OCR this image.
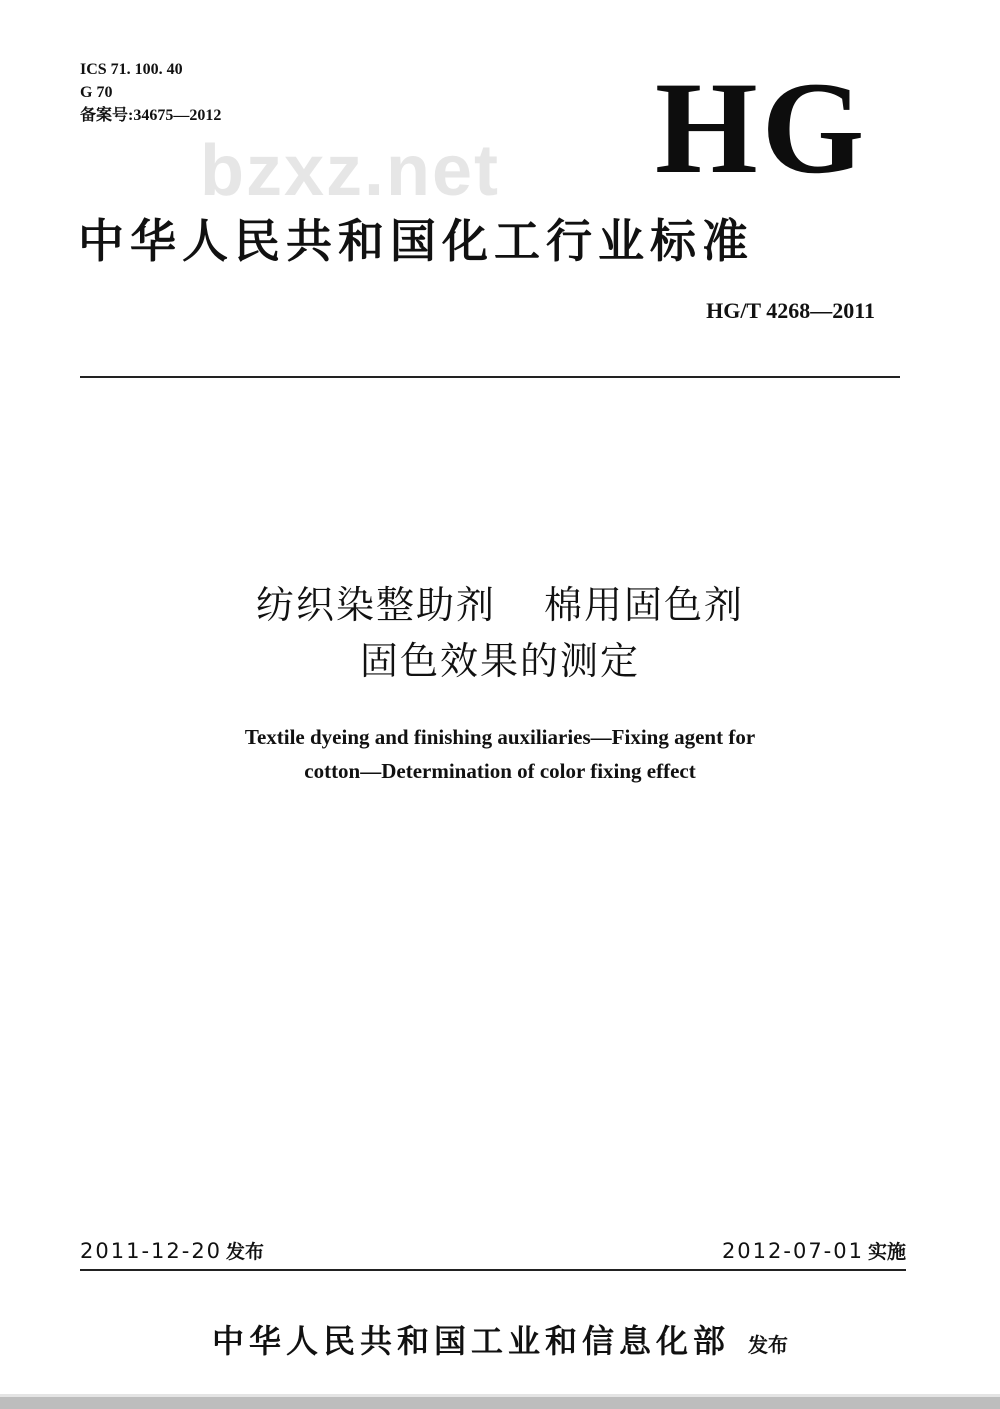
ICS 71. 100. 40
G 70
备案号:34675—2012	HG
bzxz.net
中华人民共和国化工行业标准
HG/T 4268—2011
纺织染整助剂 棉用固色剂
固色效果的测定
Textile dyeing and finishing auxiliaries—Fixing agent for
cotton—Determination of color fixing effect
2011-12-20 发布	2012-07-01 实施
中华人民共和国工业和信息化部 发布
